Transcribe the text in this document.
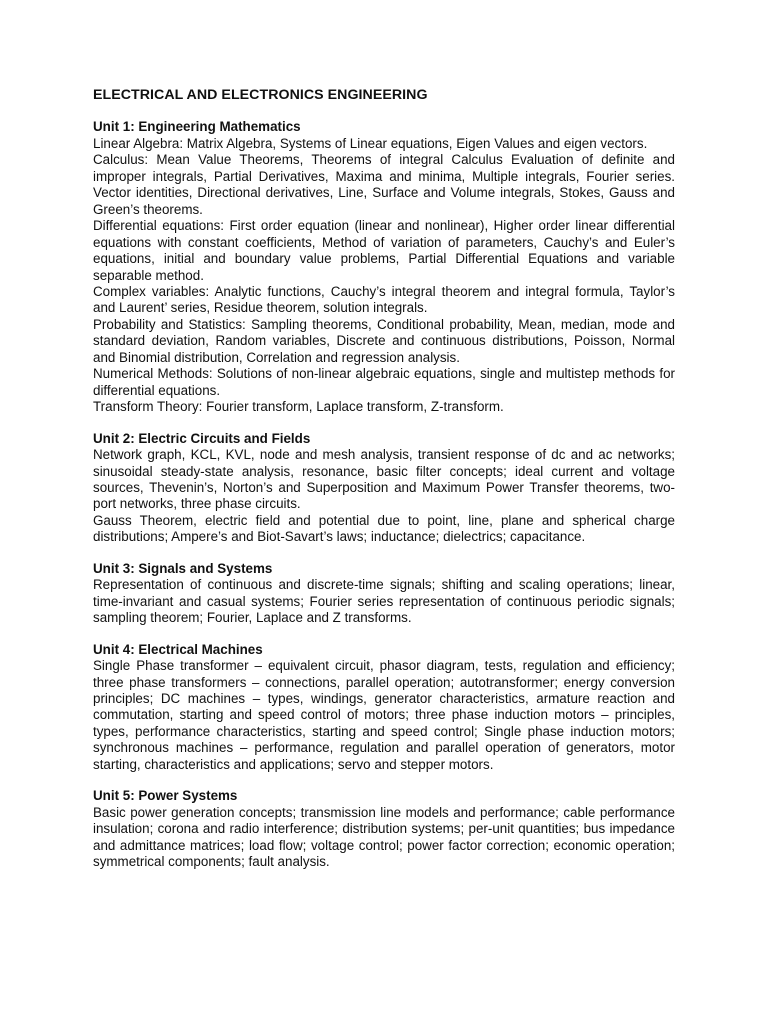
ELECTRICAL AND ELECTRONICS ENGINEERING
Unit 1: Engineering Mathematics
Linear Algebra: Matrix Algebra, Systems of Linear equations, Eigen Values and eigen vectors.
Calculus: Mean Value Theorems, Theorems of integral Calculus Evaluation of definite and improper integrals, Partial Derivatives, Maxima and minima, Multiple integrals, Fourier series. Vector identities, Directional derivatives, Line, Surface and Volume integrals, Stokes, Gauss and Green’s theorems.
Differential equations: First order equation (linear and nonlinear), Higher order linear differential equations with constant coefficients, Method of variation of parameters, Cauchy’s and Euler’s equations, initial and boundary value problems, Partial Differential Equations and variable separable method.
Complex variables: Analytic functions, Cauchy’s integral theorem and integral formula, Taylor’s and Laurent’ series, Residue theorem, solution integrals.
Probability and Statistics: Sampling theorems, Conditional probability, Mean, median, mode and standard deviation, Random variables, Discrete and continuous distributions, Poisson, Normal and Binomial distribution, Correlation and regression analysis.
Numerical Methods: Solutions of non-linear algebraic equations, single and multistep methods for differential equations.
Transform Theory: Fourier transform, Laplace transform, Z-transform.
Unit 2: Electric Circuits and Fields
Network graph, KCL, KVL, node and mesh analysis, transient response of dc and ac networks; sinusoidal steady-state analysis, resonance, basic filter concepts; ideal current and voltage sources, Thevenin’s, Norton’s and Superposition and Maximum Power Transfer theorems, two-port networks, three phase circuits.
Gauss Theorem, electric field and potential due to point, line, plane and spherical charge distributions; Ampere’s and Biot-Savart’s laws; inductance; dielectrics; capacitance.
Unit 3: Signals and Systems
Representation of continuous and discrete-time signals; shifting and scaling operations; linear, time-invariant and casual systems; Fourier series representation of continuous periodic signals; sampling theorem; Fourier, Laplace and Z transforms.
Unit 4: Electrical Machines
Single Phase transformer – equivalent circuit, phasor diagram, tests, regulation and efficiency; three phase transformers – connections, parallel operation; autotransformer; energy conversion principles; DC machines – types, windings, generator characteristics, armature reaction and commutation, starting and speed control of motors; three phase induction motors – principles, types, performance characteristics, starting and speed control; Single phase induction motors; synchronous machines – performance, regulation and parallel operation of generators, motor starting, characteristics and applications; servo and stepper motors.
Unit 5: Power Systems
Basic power generation concepts; transmission line models and performance; cable performance insulation; corona and radio interference; distribution systems; per-unit quantities; bus impedance and admittance matrices; load flow; voltage control; power factor correction; economic operation; symmetrical components; fault analysis.
